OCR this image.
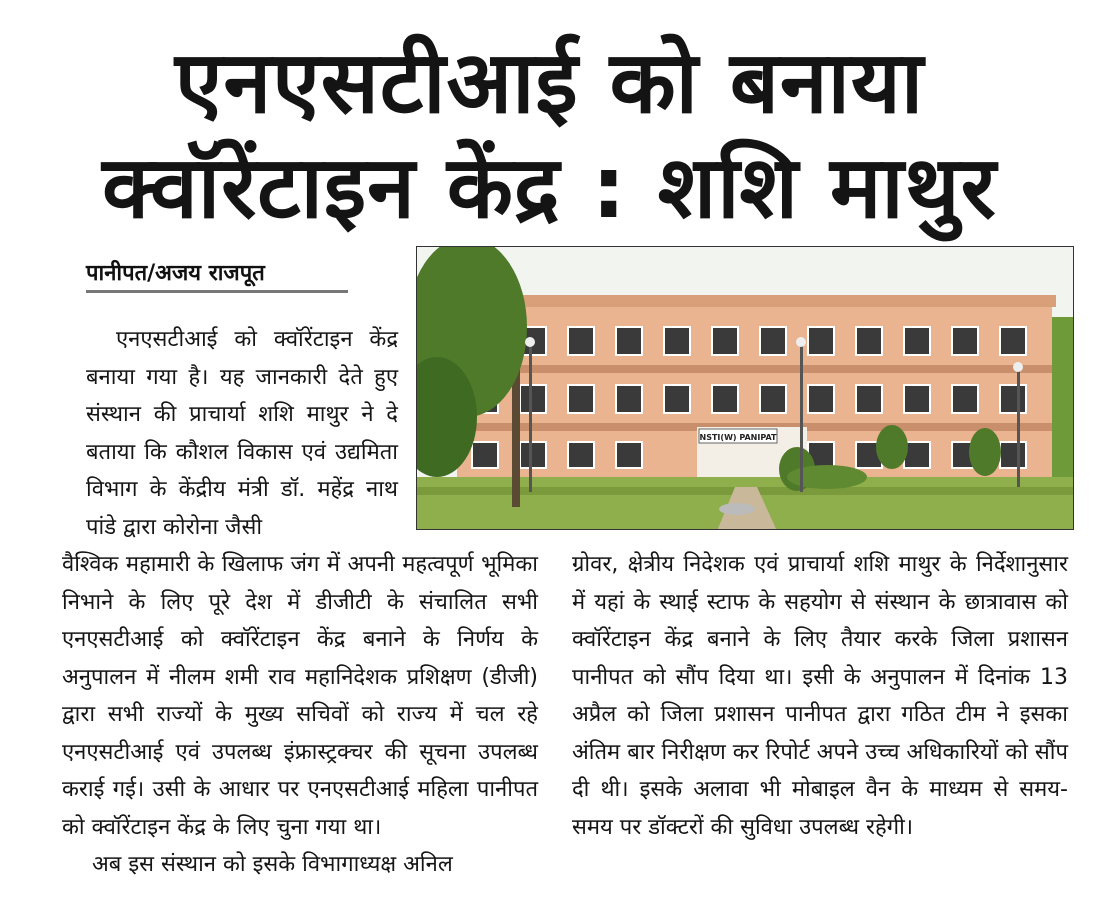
एनएसटीआई को बनाया
क्वॉरेंटाइन केंद्र : शशि माथुर
पानीपत/अजय राजपूत
NSTI(W) PANIPAT

एनएसटीआई को क्वॉरेंटाइन केंद्र बनाया गया है। यह जानकारी देते हुए संस्थान की प्राचार्या शशि माथुर ने दे बताया कि कौशल विकास एवं उद्यमिता विभाग के केंद्रीय मंत्री डॉ. महेंद्र नाथ पांडे द्वारा कोरोना जैसी

वैश्विक महामारी के खिलाफ जंग में अपनी महत्वपूर्ण भूमिका निभाने के लिए पूरे देश में डीजीटी के संचालित सभी एनएसटीआई को क्वॉरेंटाइन केंद्र बनाने के निर्णय के अनुपालन में नीलम शमी राव महानिदेशक प्रशिक्षण (डीजी) द्वारा सभी राज्यों के मुख्य सचिवों को राज्य में चल रहे एनएसटीआई एवं उपलब्ध इंफ्रास्ट्रक्चर की सूचना उपलब्ध कराई गई। उसी के आधार पर एनएसटीआई महिला पानीपत को क्वॉरेंटाइन केंद्र के लिए चुना गया था।

अब इस संस्थान को इसके विभागाध्यक्ष अनिल

ग्रोवर, क्षेत्रीय निदेशक एवं प्राचार्या शशि माथुर के निर्देशानुसार में यहां के स्थाई स्टाफ के सहयोग से संस्थान के छात्रावास को क्वॉरेंटाइन केंद्र बनाने के लिए तैयार करके जिला प्रशासन पानीपत को सौंप दिया था। इसी के अनुपालन में दिनांक 13 अप्रैल को जिला प्रशासन पानीपत द्वारा गठित टीम ने इसका अंतिम बार निरीक्षण कर रिपोर्ट अपने उच्च अधिकारियों को सौंप दी थी। इसके अलावा भी मोबाइल वैन के माध्यम से समय-समय पर डॉक्टरों की सुविधा उपलब्ध रहेगी।
